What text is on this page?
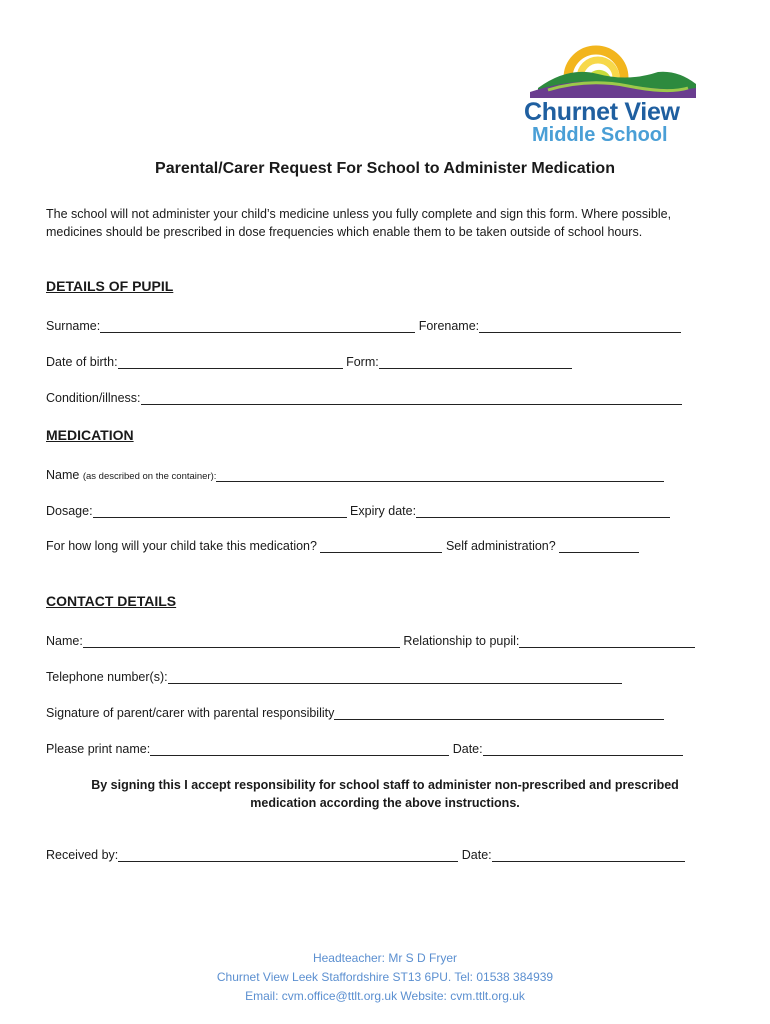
Churnet View
Middle School
Parental/Carer Request For School to Administer Medication

The school will not administer your child’s medicine unless you fully complete and sign this form. Where possible, medicines should be prescribed in dose frequencies which enable them to be taken outside of school hours.

DETAILS OF PUPIL
Surname:	Forename:
Date of birth:	Form:
Condition/illness:
MEDICATION
Name (as described on the container):
Dosage:	Expiry date:
For how long will your child take this medication?	Self administration?
CONTACT DETAILS
Name:	Relationship to pupil:
Telephone number(s):
Signature of parent/carer with parental responsibility
Please print name:	Date:
By signing this I accept responsibility for school staff to administer non-prescribed and prescribed medication according the above instructions.
Received by:	Date:
Headteacher: Mr S D Fryer
Churnet View Leek Staffordshire ST13 6PU. Tel: 01538 384939
Email: cvm.office@ttlt.org.uk Website: cvm.ttlt.org.uk
